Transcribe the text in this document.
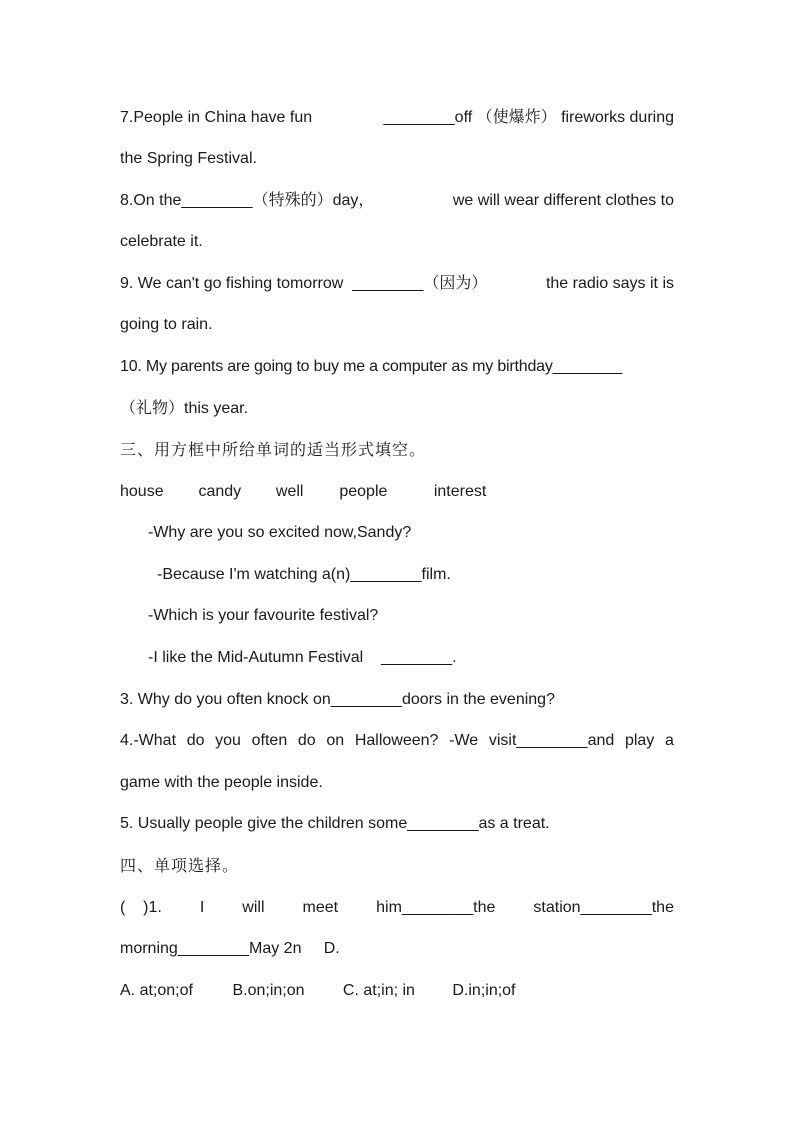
7.People in China have fun	________off （使爆炸） fireworks during
the Spring Festival.
8.On the________（特殊的）day，	we will wear different clothes to
celebrate it.
9. We can't go fishing tomorrow  ________（因为）	the radio says it is
going to rain.
10. My parents are going to buy me a computer as my birthday________
（礼物）this year.
三、用方框中所给单词的适当形式填空。
house candy well people	interest
-Why are you so excited now,Sandy?
-Because I'm watching a(n)________film.
-Which is your favourite festival?
-I like the Mid-Autumn Festival    ________.
3. Why do you often knock on________doors in the evening?
4.-What do you often do on Halloween? -We visit________and play a
game with the people inside.
5. Usually people give the children some________as a treat.
四、单项选择。
(    )1. I will meet him________the station________the
morning________May 2n     D.
A. at;on;of B.on;in;on C. at;in; in D.in;in;of
